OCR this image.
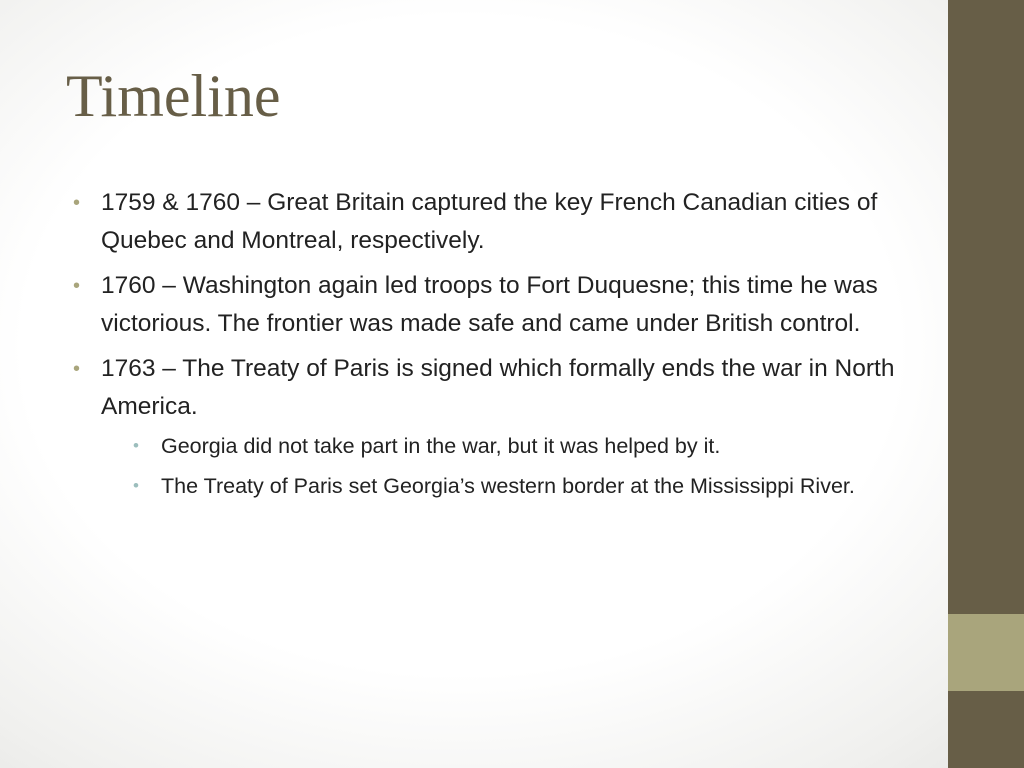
Timeline
• 1759 & 1760 – Great Britain captured the key French Canadian cities of Quebec and Montreal, respectively.
• 1760 – Washington again led troops to Fort Duquesne; this time he was victorious. The frontier was made safe and came under British control.
• 1763 – The Treaty of Paris is signed which formally ends the war in North America.
• Georgia did not take part in the war, but it was helped by it.
• The Treaty of Paris set Georgia’s western border at the Mississippi River.
